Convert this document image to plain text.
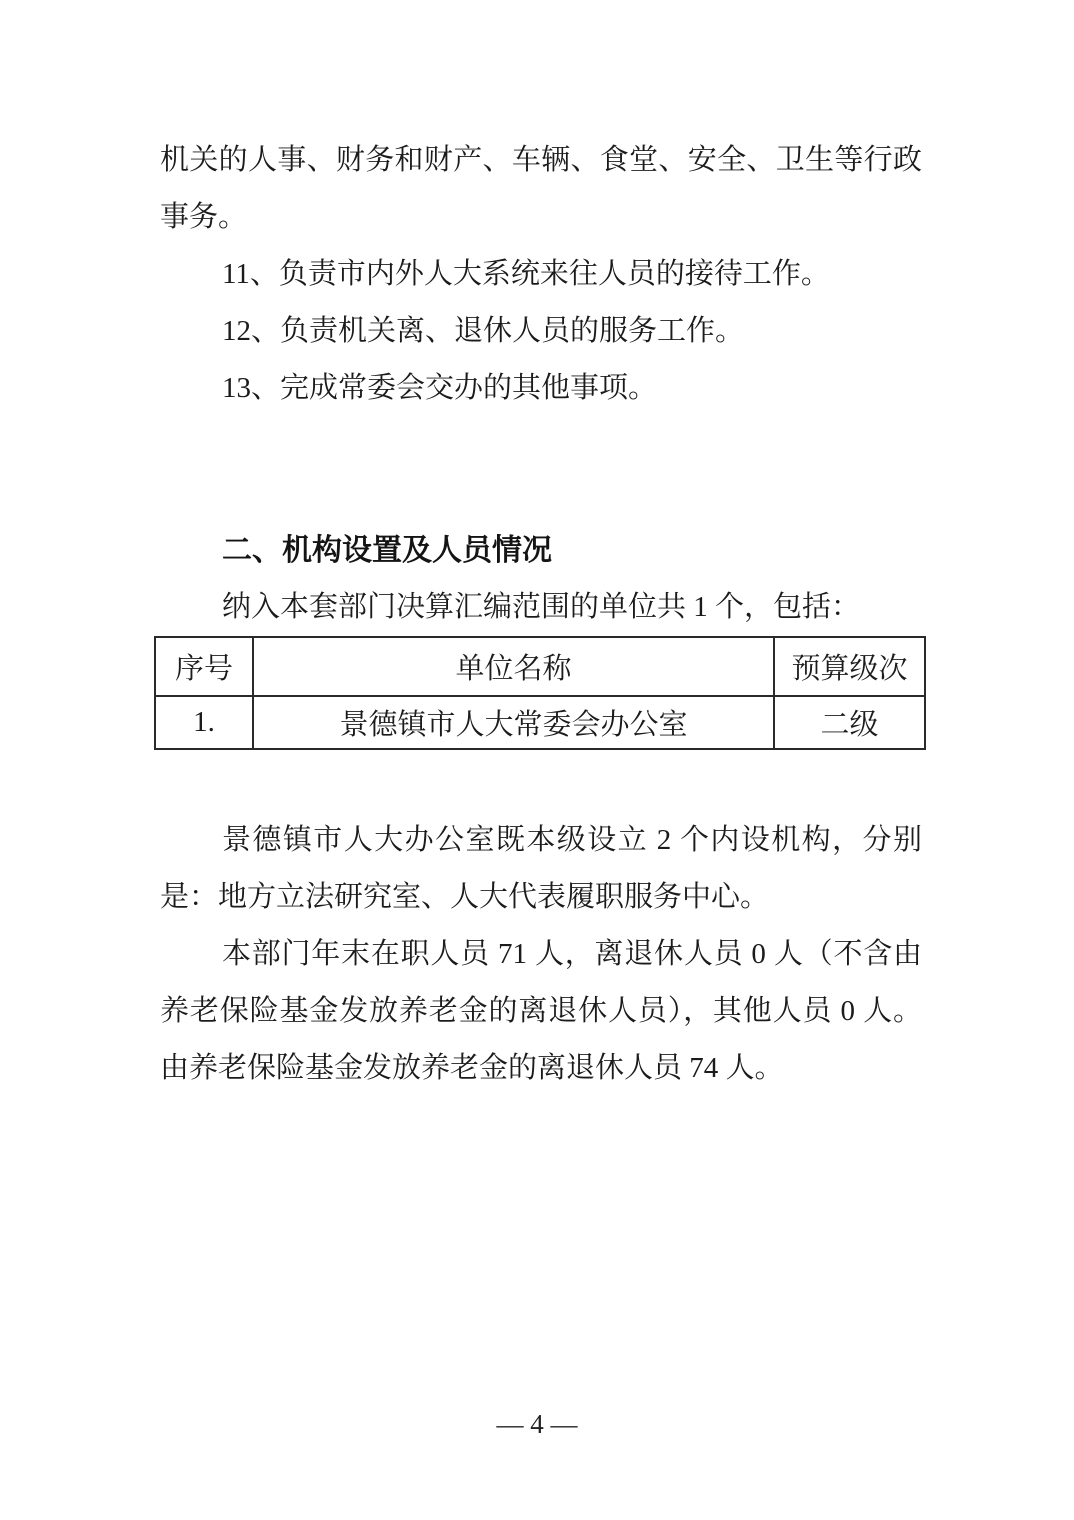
机关的人事、财务和财产、车辆、食堂、安全、卫生等行政
事务。
11、负责市内外人大系统来往人员的接待工作。
12、负责机关离、退休人员的服务工作。
13、完成常委会交办的其他事项。
二、机构设置及人员情况
纳入本套部门决算汇编范围的单位共 1 个，包括：
序号	单位名称	预算级次
1.	景德镇市人大常委会办公室	二级
景德镇市人大办公室既本级设立 2 个内设机构，分别
是：地方立法研究室、人大代表履职服务中心。
本部门年末在职人员 71 人，离退休人员 0 人（不含由
养老保险基金发放养老金的离退休人员），其他人员 0 人。
由养老保险基金发放养老金的离退休人员 74 人。
— 4 —
